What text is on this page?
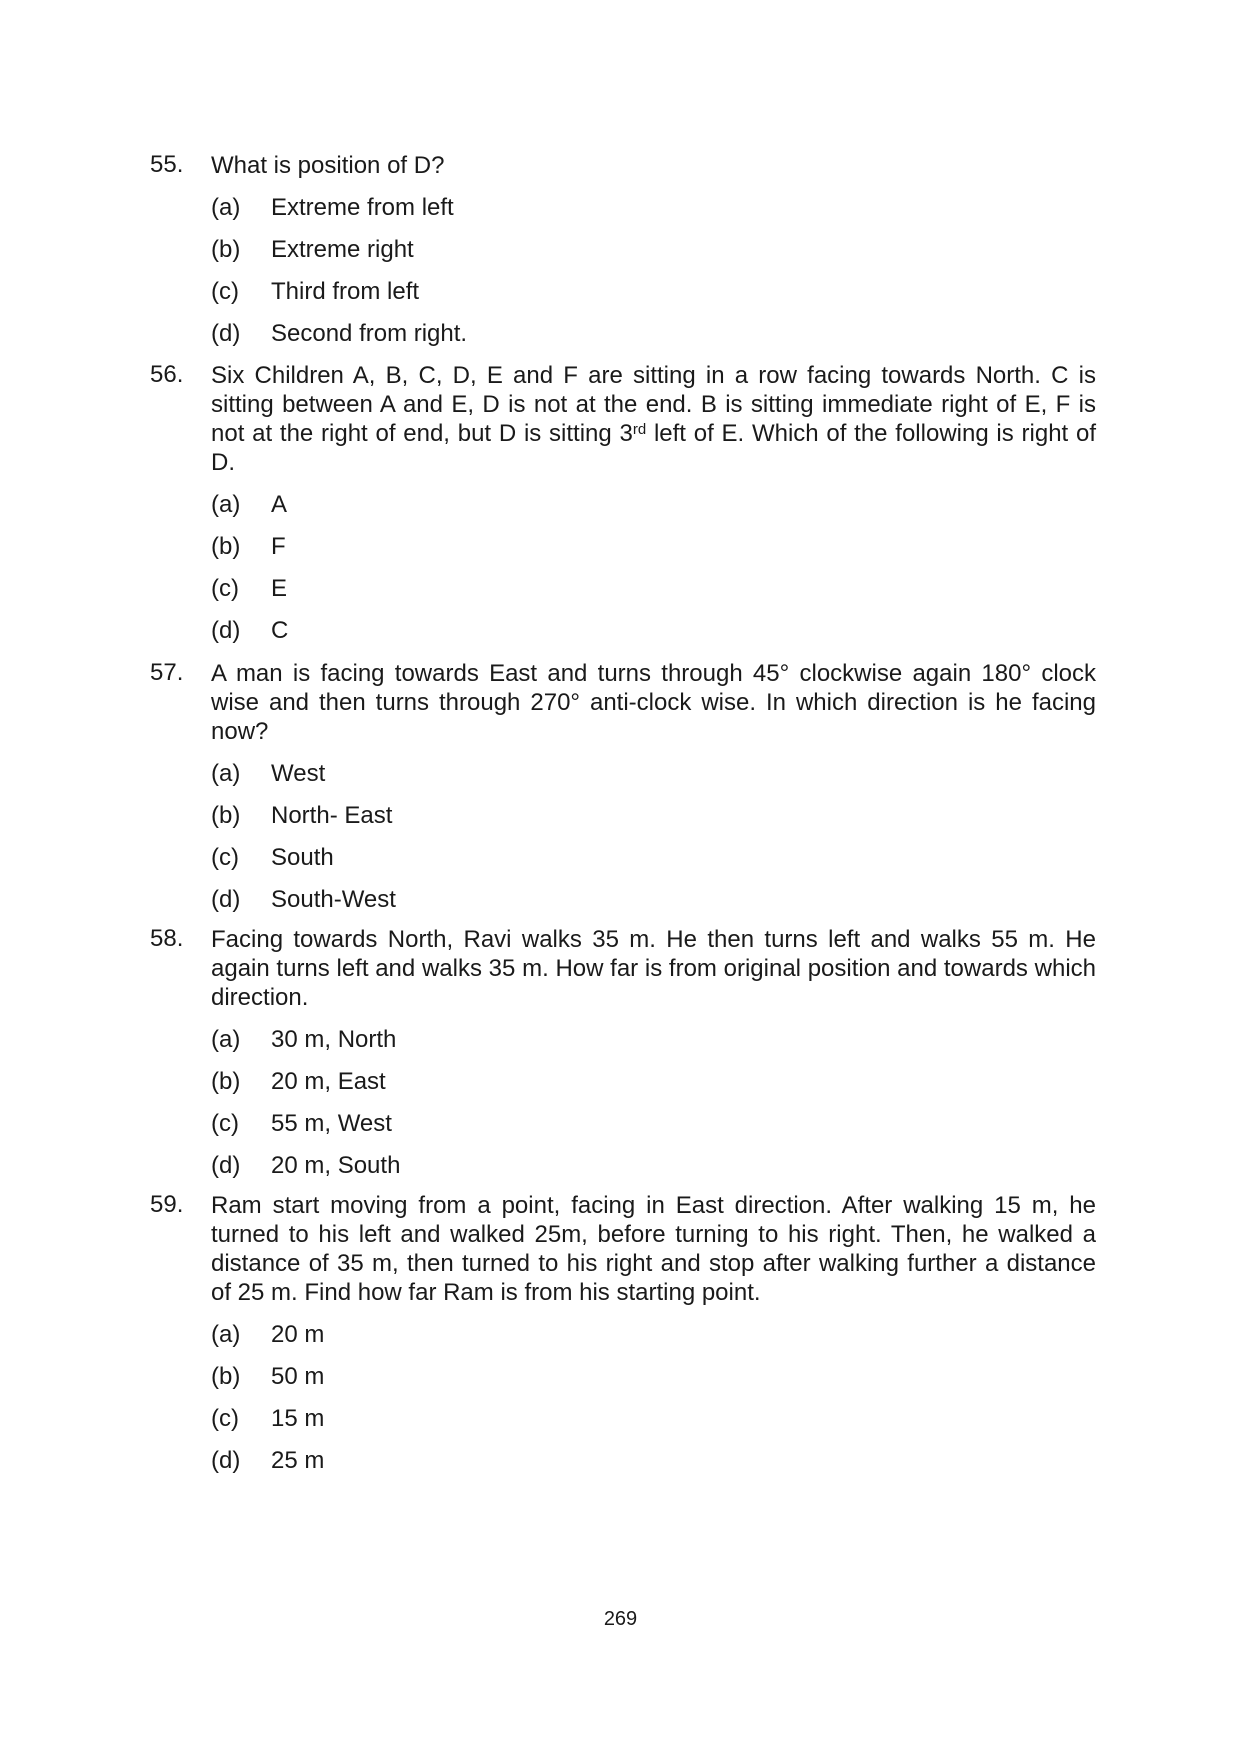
55.	What is position of D?
(a) Extreme from left
(b) Extreme right
(c) Third from left
(d) Second from right.
56.	Six Children A, B, C, D, E and F are sitting in a row facing towards North. C is sitting between A and E, D is not at the end. B is sitting immediate right of E, F is not at the right of end, but D is sitting 3rd left of E. Which of the following is right of D.
(a) A
(b) F
(c) E
(d) C
57.	A man is facing towards East and turns through 45° clockwise again 180° clock wise and then turns through 270° anti-clock wise. In which direction is he facing now?
(a) West
(b) North- East
(c) South
(d) South-West
58.	Facing towards North, Ravi walks 35 m. He then turns left and walks 55 m. He again turns left and walks 35 m. How far is from original position and towards which direction.
(a) 30 m, North
(b) 20 m, East
(c) 55 m, West
(d) 20 m, South
59.	Ram start moving from a point, facing in East direction. After walking 15 m, he turned to his left and walked 25m, before turning to his right. Then, he walked a distance of 35 m, then turned to his right and stop after walking further a distance of 25 m. Find how far Ram is from his starting point.
(a) 20 m
(b) 50 m
(c) 15 m
(d) 25 m
269
